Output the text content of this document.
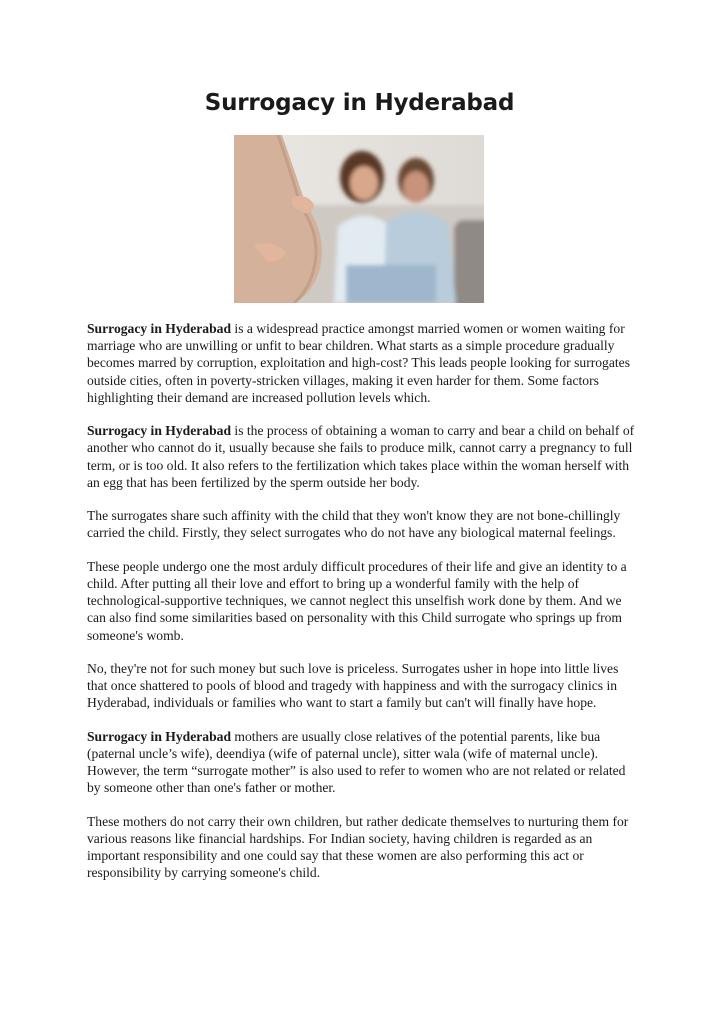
Surrogacy in Hyderabad

Surrogacy in Hyderabad is a widespread practice amongst married women or women waiting for marriage who are unwilling or unfit to bear children. What starts as a simple procedure gradually becomes marred by corruption, exploitation and high-cost? This leads people looking for surrogates outside cities, often in poverty-stricken villages, making it even harder for them. Some factors highlighting their demand are increased pollution levels which.

Surrogacy in Hyderabad is the process of obtaining a woman to carry and bear a child on behalf of another who cannot do it, usually because she fails to produce milk, cannot carry a pregnancy to full term, or is too old. It also refers to the fertilization which takes place within the woman herself with an egg that has been fertilized by the sperm outside her body.

The surrogates share such affinity with the child that they won't know they are not bone-chillingly carried the child. Firstly, they select surrogates who do not have any biological maternal feelings.

These people undergo one the most arduly difficult procedures of their life and give an identity to a child. After putting all their love and effort to bring up a wonderful family with the help of technological-supportive techniques, we cannot neglect this unselfish work done by them. And we can also find some similarities based on personality with this Child surrogate who springs up from someone's womb.

No, they're not for such money but such love is priceless. Surrogates usher in hope into little lives that once shattered to pools of blood and tragedy with happiness and with the surrogacy clinics in Hyderabad, individuals or families who want to start a family but can't will finally have hope.

Surrogacy in Hyderabad mothers are usually close relatives of the potential parents, like bua (paternal uncle’s wife), deendiya (wife of paternal uncle), sitter wala (wife of maternal uncle). However, the term “surrogate mother” is also used to refer to women who are not related or related by someone other than one's father or mother.

These mothers do not carry their own children, but rather dedicate themselves to nurturing them for various reasons like financial hardships. For Indian society, having children is regarded as an important responsibility and one could say that these women are also performing this act or responsibility by carrying someone's child.
